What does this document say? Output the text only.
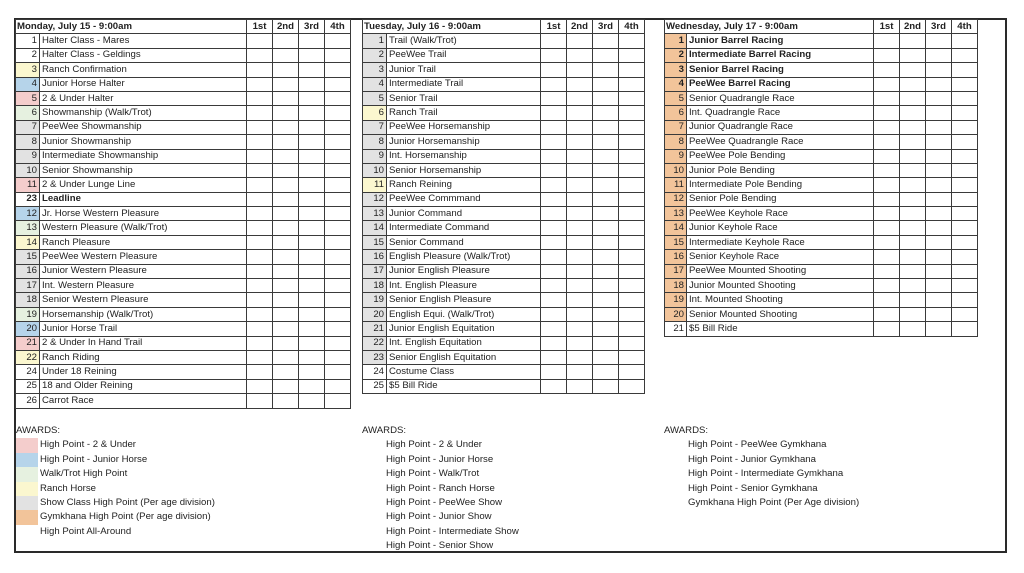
Monday, July 15 - 9:00am		1st	2nd	3rd	4th
1	Halter Class - Mares				
2	Halter Class - Geldings				
3	Ranch Confirmation				
4	Junior Horse Halter				
5	2 & Under Halter				
6	Showmanship (Walk/Trot)				
7	PeeWee Showmanship				
8	Junior Showmanship				
9	Intermediate Showmanship				
10	Senior Showmanship				
11	2 & Under Lunge Line				
23	Leadline				
12	Jr. Horse Western Pleasure				
13	Western Pleasure (Walk/Trot)				
14	Ranch Pleasure				
15	PeeWee Western Pleasure				
16	Junior Western Pleasure				
17	Int. Western Pleasure				
18	Senior Western Pleasure				
19	Horsemanship (Walk/Trot)				
20	Junior Horse Trail				
21	2 & Under In Hand Trail				
22	Ranch Riding				
24	Under 18 Reining				
25	18 and Older Reining				
26	Carrot Race				
Tuesday, July 16 - 9:00am		1st	2nd	3rd	4th
1	Trail (Walk/Trot)				
2	PeeWee Trail				
3	Junior Trail				
4	Intermediate Trail				
5	Senior Trail				
6	Ranch Trail				
7	PeeWee Horsemanship				
8	Junior Horsemanship				
9	Int. Horsemanship				
10	Senior Horsemanship				
11	Ranch Reining				
12	PeeWee Commmand				
13	Junior Command				
14	Intermediate Command				
15	Senior Command				
16	English Pleasure (Walk/Trot)				
17	Junior English Pleasure				
18	Int. English Pleasure				
19	Senior English Pleasure				
20	English Equi. (Walk/Trot)				
21	Junior English Equitation				
22	Int. English Equitation				
23	Senior English Equitation				
24	Costume Class				
25	$5 Bill Ride				
Wednesday, July 17 - 9:00am		1st	2nd	3rd	4th
1	Junior Barrel Racing				
2	Intermediate Barrel Racing				
3	Senior Barrel Racing				
4	PeeWee Barrel Racing				
5	Senior Quadrangle Race				
6	Int. Quadrangle Race				
7	Junior Quadrangle Race				
8	PeeWee Quadrangle Race				
9	PeeWee Pole Bending				
10	Junior Pole Bending				
11	Intermediate Pole Bending				
12	Senior Pole Bending				
13	PeeWee Keyhole Race				
14	Junior Keyhole Race				
15	Intermediate Keyhole Race				
16	Senior Keyhole Race				
17	PeeWee Mounted Shooting				
18	Junior Mounted Shooting				
19	Int. Mounted Shooting				
20	Senior Mounted Shooting				
21	$5 Bill Ride				
AWARDS:
High Point - 2 & Under
High Point - Junior Horse
Walk/Trot High Point
Ranch Horse
Show Class High Point (Per age division)
Gymkhana High Point (Per age division)
High Point All-Around
AWARDS:
High Point - 2 & Under
High Point - Junior Horse
High Point - Walk/Trot
High Point - Ranch Horse
High Point - PeeWee Show
High Point - Junior Show
High Point - Intermediate Show
High Point - Senior Show
AWARDS:
High Point - PeeWee Gymkhana
High Point - Junior Gymkhana
High Point - Intermediate Gymkhana
High Point - Senior Gymkhana
Gymkhana High Point (Per Age division)
